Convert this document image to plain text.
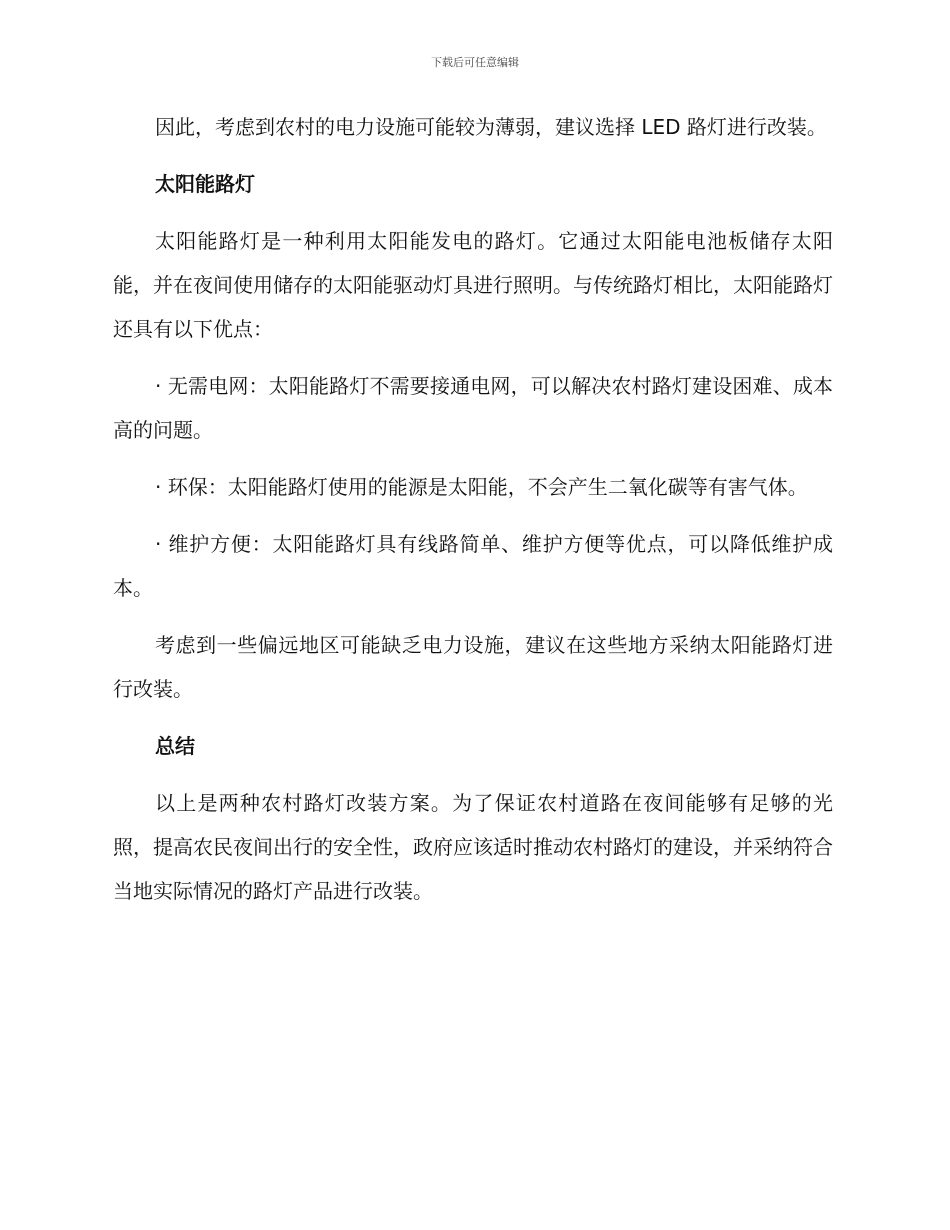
下载后可任意编辑

因此，考虑到农村的电力设施可能较为薄弱，建议选择 LED 路灯进行改装。

太阳能路灯

太阳能路灯是一种利用太阳能发电的路灯。它通过太阳能电池板储存太阳能，并在夜间使用储存的太阳能驱动灯具进行照明。与传统路灯相比，太阳能路灯还具有以下优点：

· 无需电网：太阳能路灯不需要接通电网，可以解决农村路灯建设困难、成本高的问题。

· 环保：太阳能路灯使用的能源是太阳能，不会产生二氧化碳等有害气体。

· 维护方便：太阳能路灯具有线路简单、维护方便等优点，可以降低维护成本。

考虑到一些偏远地区可能缺乏电力设施，建议在这些地方采纳太阳能路灯进行改装。

总结

以上是两种农村路灯改装方案。为了保证农村道路在夜间能够有足够的光照，提高农民夜间出行的安全性，政府应该适时推动农村路灯的建设，并采纳符合当地实际情况的路灯产品进行改装。
